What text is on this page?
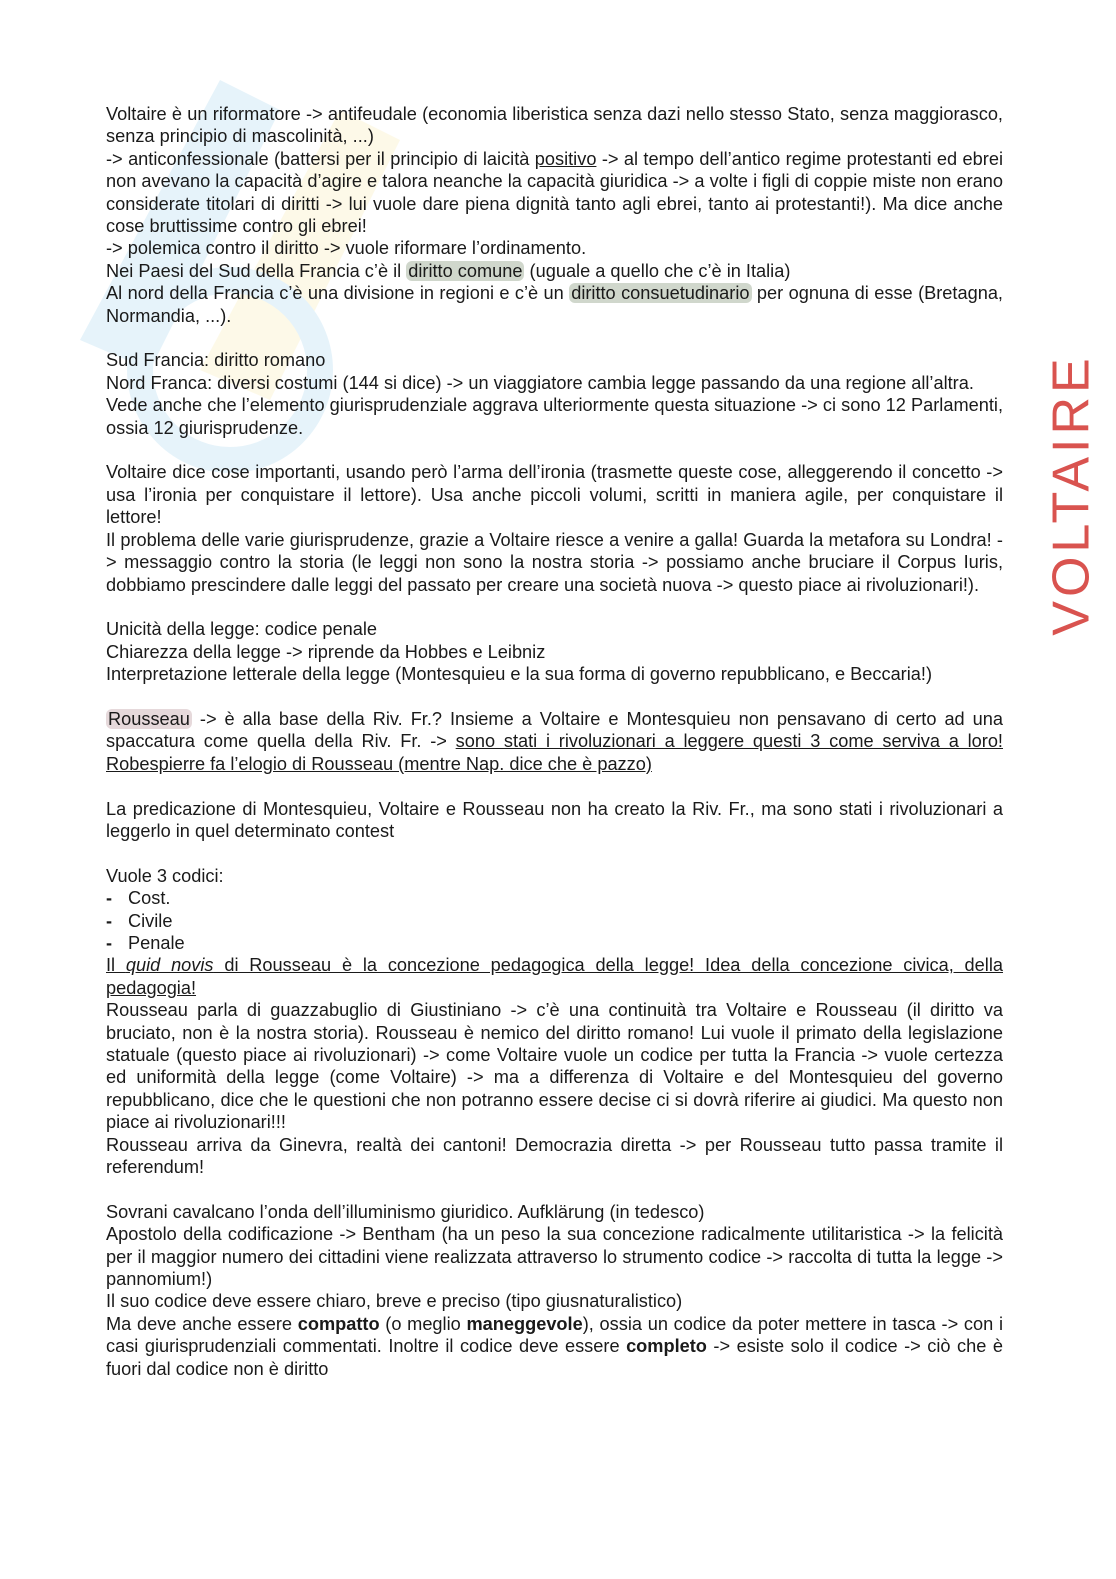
Voltaire è un riformatore -> antifeudale (economia liberistica senza dazi nello stesso Stato, senza maggiorasco, senza principio di mascolinità, ...)

-> anticonfessionale (battersi per il principio di laicità positivo -> al tempo dell’antico regime protestanti ed ebrei non avevano la capacità d’agire e talora neanche la capacità giuridica -> a volte i figli di coppie miste non erano considerate titolari di diritti -> lui vuole dare piena dignità tanto agli ebrei, tanto ai protestanti!). Ma dice anche cose bruttissime contro gli ebrei!

-> polemica contro il diritto -> vuole riformare l’ordinamento.

Nei Paesi del Sud della Francia c’è il diritto comune (uguale a quello che c’è in Italia)

Al nord della Francia c’è una divisione in regioni e c’è un diritto consuetudinario per ognuna di esse (Bretagna, Normandia, ...).

Sud Francia: diritto romano

Nord Franca: diversi costumi (144 si dice) -> un viaggiatore cambia legge passando da una regione all’altra.

Vede anche che l’elemento giurisprudenziale aggrava ulteriormente questa situazione -> ci sono 12 Parlamenti, ossia 12 giurisprudenze.

Voltaire dice cose importanti, usando però l’arma dell’ironia (trasmette queste cose, alleggerendo il concetto -> usa l’ironia per conquistare il lettore). Usa anche piccoli volumi, scritti in maniera agile, per conquistare il lettore!

Il problema delle varie giurisprudenze, grazie a Voltaire riesce a venire a galla! Guarda la metafora su Londra! -> messaggio contro la storia (le leggi non sono la nostra storia -> possiamo anche bruciare il Corpus Iuris, dobbiamo prescindere dalle leggi del passato per creare una società nuova -> questo piace ai rivoluzionari!).

Unicità della legge: codice penale

Chiarezza della legge -> riprende da Hobbes e Leibniz

Interpretazione letterale della legge (Montesquieu e la sua forma di governo repubblicano, e Beccaria!)

Rousseau -> è alla base della Riv. Fr.? Insieme a Voltaire e Montesquieu non pensavano di certo ad una spaccatura come quella della Riv. Fr. -> sono stati i rivoluzionari a leggere questi 3 come serviva a loro! Robespierre fa l’elogio di Rousseau (mentre Nap. dice che è pazzo)

La predicazione di Montesquieu, Voltaire e Rousseau non ha creato la Riv. Fr., ma sono stati i rivoluzionari a leggerlo in quel determinato contest

Vuole 3 codici:

- Cost.
- Civile
- Penale

Il quid novis di Rousseau è la concezione pedagogica della legge! Idea della concezione civica, della pedagogia!

Rousseau parla di guazzabuglio di Giustiniano -> c’è una continuità tra Voltaire e Rousseau (il diritto va bruciato, non è la nostra storia). Rousseau è nemico del diritto romano! Lui vuole il primato della legislazione statuale (questo piace ai rivoluzionari) -> come Voltaire vuole un codice per tutta la Francia -> vuole certezza ed uniformità della legge (come Voltaire) -> ma a differenza di Voltaire e del Montesquieu del governo repubblicano, dice che le questioni che non potranno essere decise ci si dovrà riferire ai giudici. Ma questo non piace ai rivoluzionari!!!

Rousseau arriva da Ginevra, realtà dei cantoni! Democrazia diretta -> per Rousseau tutto passa tramite il referendum!

Sovrani cavalcano l’onda dell’illuminismo giuridico. Aufklärung (in tedesco)

Apostolo della codificazione -> Bentham (ha un peso la sua concezione radicalmente utilitaristica -> la felicità per il maggior numero dei cittadini viene realizzata attraverso lo strumento codice -> raccolta di tutta la legge -> pannomium!)

Il suo codice deve essere chiaro, breve e preciso (tipo giusnaturalistico)

Ma deve anche essere compatto (o meglio maneggevole), ossia un codice da poter mettere in tasca -> con i casi giurisprudenziali commentati. Inoltre il codice deve essere completo -> esiste solo il codice -> ciò che è fuori dal codice non è diritto

VOLTAIRE
